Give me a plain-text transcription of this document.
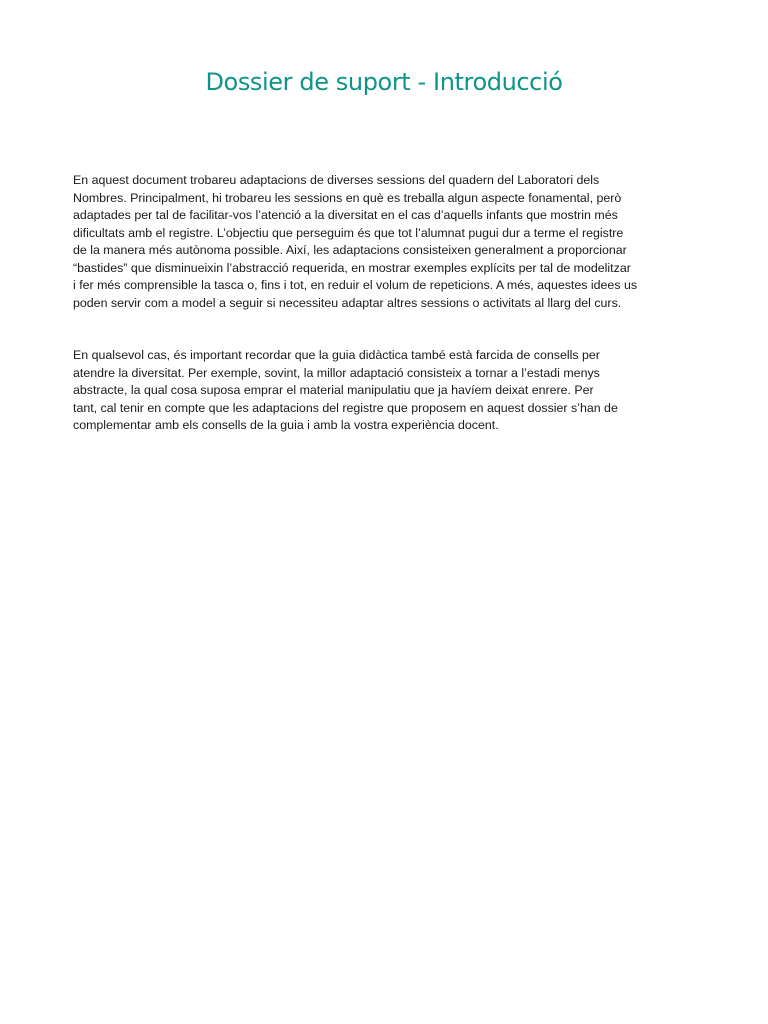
Dossier de suport - Introducció

En aquest document trobareu adaptacions de diverses sessions del quadern del Laboratori dels
Nombres. Principalment, hi trobareu les sessions en què es treballa algun aspecte fonamental, però
adaptades per tal de facilitar-vos l’atenció a la diversitat en el cas d’aquells infants que mostrin més
dificultats amb el registre. L’objectiu que perseguim és que tot l’alumnat pugui dur a terme el registre
de la manera més autònoma possible. Així, les adaptacions consisteixen generalment a proporcionar
“bastides” que disminueixin l’abstracció requerida, en mostrar exemples explícits per tal de modelitzar
i fer més comprensible la tasca o, fins i tot, en reduir el volum de repeticions. A més, aquestes idees us
poden servir com a model a seguir si necessiteu adaptar altres sessions o activitats al llarg del curs.

En qualsevol cas, és important recordar que la guia didàctica també està farcida de consells per
atendre la diversitat. Per exemple, sovint, la millor adaptació consisteix a tornar a l’estadi menys
abstracte, la qual cosa suposa emprar el material manipulatiu que ja havíem deixat enrere. Per
tant, cal tenir en compte que les adaptacions del registre que proposem en aquest dossier s’han de
complementar amb els consells de la guia i amb la vostra experiència docent.
